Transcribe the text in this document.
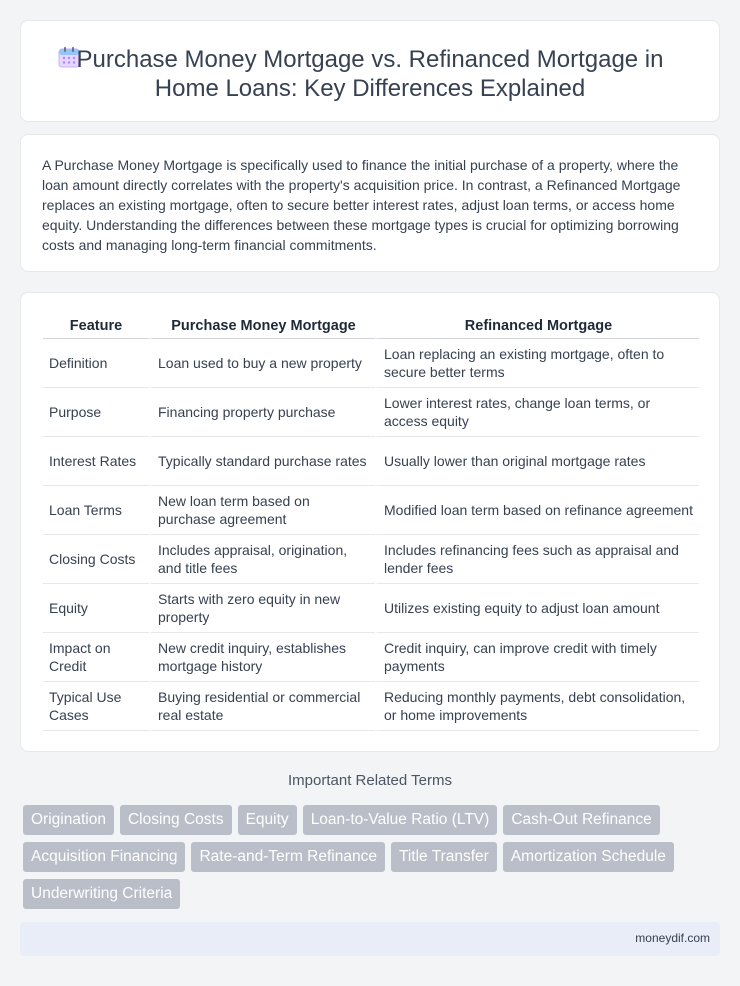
Purchase Money Mortgage vs. Refinanced Mortgage in Home Loans: Key Differences Explained

A Purchase Money Mortgage is specifically used to finance the initial purchase of a property, where the loan amount directly correlates with the property's acquisition price. In contrast, a Refinanced Mortgage replaces an existing mortgage, often to secure better interest rates, adjust loan terms, or access home equity. Understanding the differences between these mortgage types is crucial for optimizing borrowing costs and managing long-term financial commitments.

Feature	Purchase Money Mortgage	Refinanced Mortgage
Definition	Loan used to buy a new property	Loan replacing an existing mortgage, often to secure better terms
Purpose	Financing property purchase	Lower interest rates, change loan terms, or access equity
Interest Rates	Typically standard purchase rates	Usually lower than original mortgage rates
Loan Terms	New loan term based on purchase agreement	Modified loan term based on refinance agreement
Closing Costs	Includes appraisal, origination, and title fees	Includes refinancing fees such as appraisal and lender fees
Equity	Starts with zero equity in new property	Utilizes existing equity to adjust loan amount
Impact on Credit	New credit inquiry, establishes mortgage history	Credit inquiry, can improve credit with timely payments
Typical Use Cases	Buying residential or commercial real estate	Reducing monthly payments, debt consolidation, or home improvements
Important Related Terms
Origination	Closing Costs	Equity	Loan-to-Value Ratio (LTV)	Cash-Out Refinance
Acquisition Financing	Rate-and-Term Refinance	Title Transfer	Amortization Schedule
Underwriting Criteria
moneydif.com
